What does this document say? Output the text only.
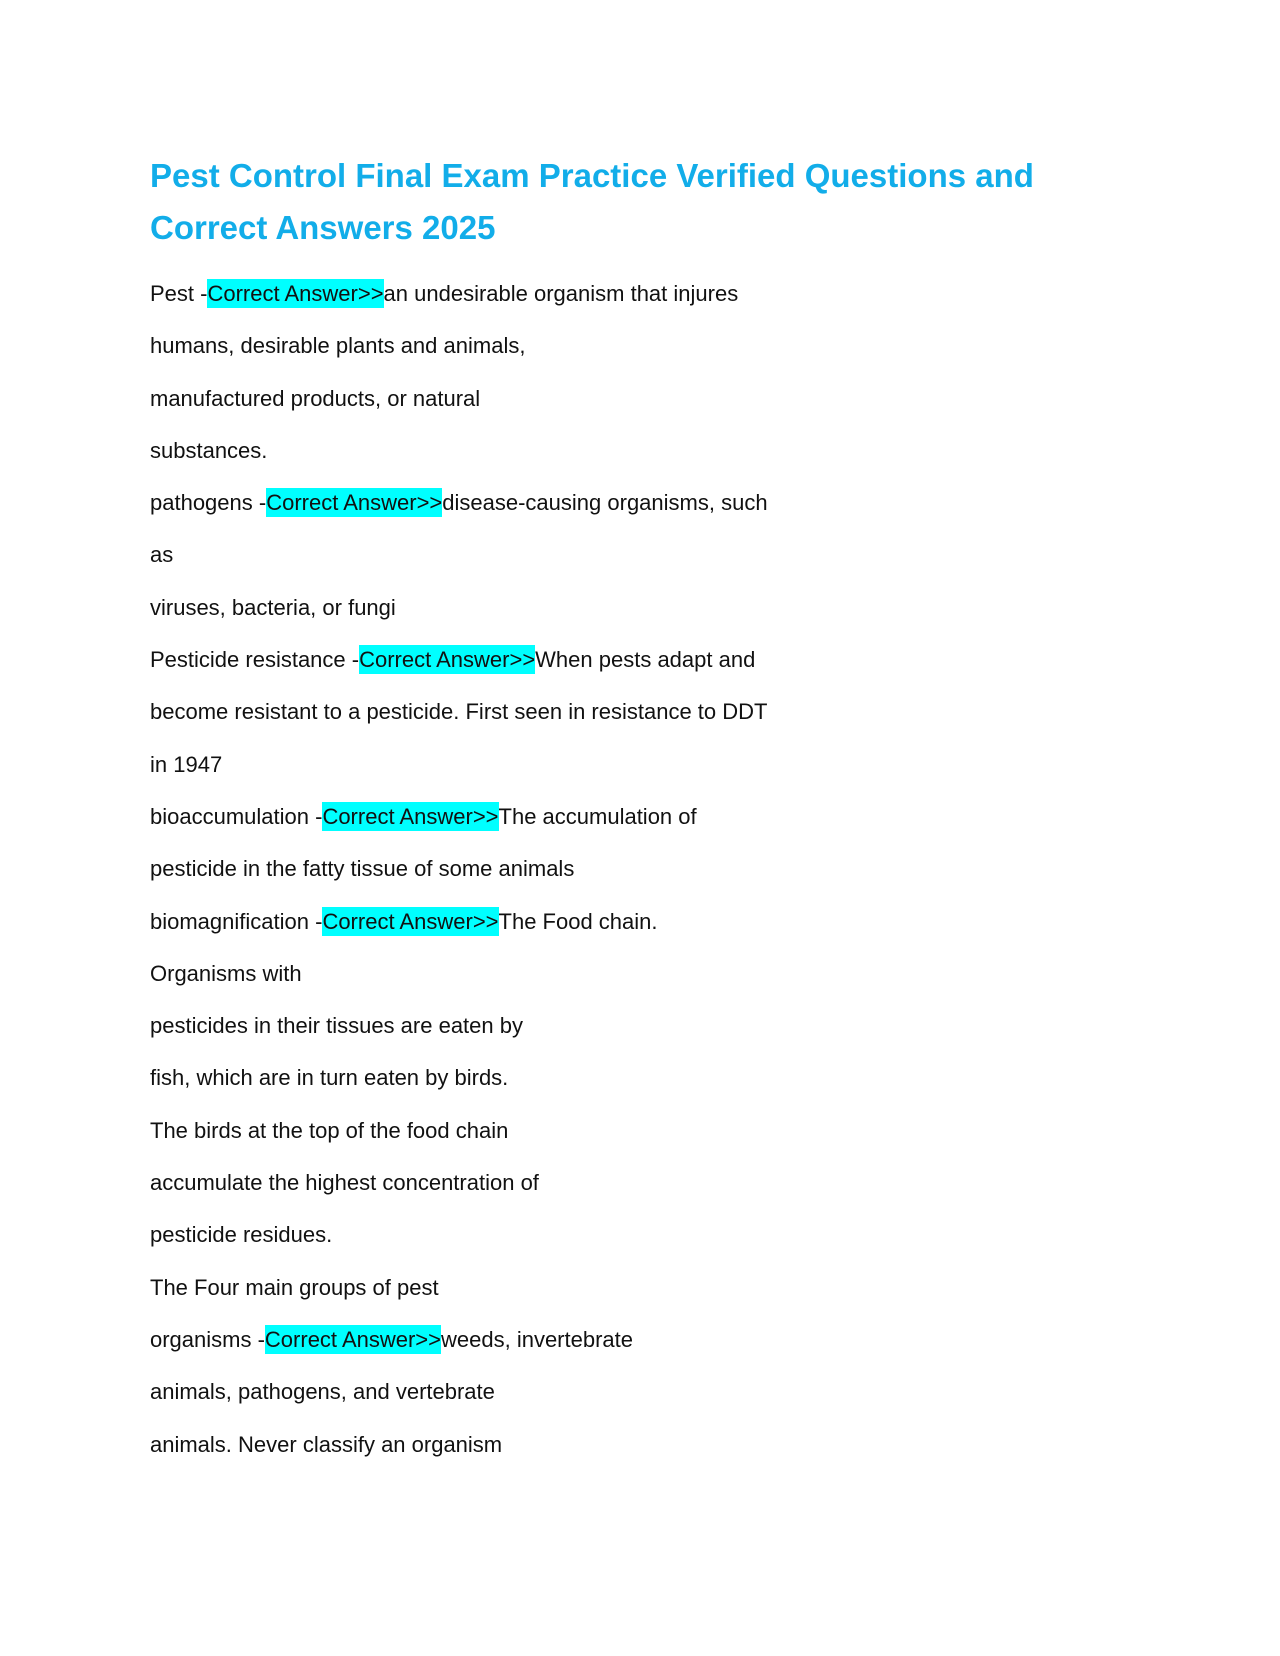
Pest Control Final Exam Practice Verified Questions and
Correct Answers 2025
Pest -Correct Answer>>an undesirable organism that injures
humans, desirable plants and animals,
manufactured products, or natural
substances.
pathogens -Correct Answer>>disease-causing organisms, such
as
viruses, bacteria, or fungi
Pesticide resistance -Correct Answer>>When pests adapt and
become resistant to a pesticide. First seen in resistance to DDT
in 1947
bioaccumulation -Correct Answer>>The accumulation of
pesticide in the fatty tissue of some animals
biomagnification -Correct Answer>>The Food chain.
Organisms with
pesticides in their tissues are eaten by
fish, which are in turn eaten by birds.
The birds at the top of the food chain
accumulate the highest concentration of
pesticide residues.
The Four main groups of pest
organisms -Correct Answer>>weeds, invertebrate
animals, pathogens, and vertebrate
animals. Never classify an organism
